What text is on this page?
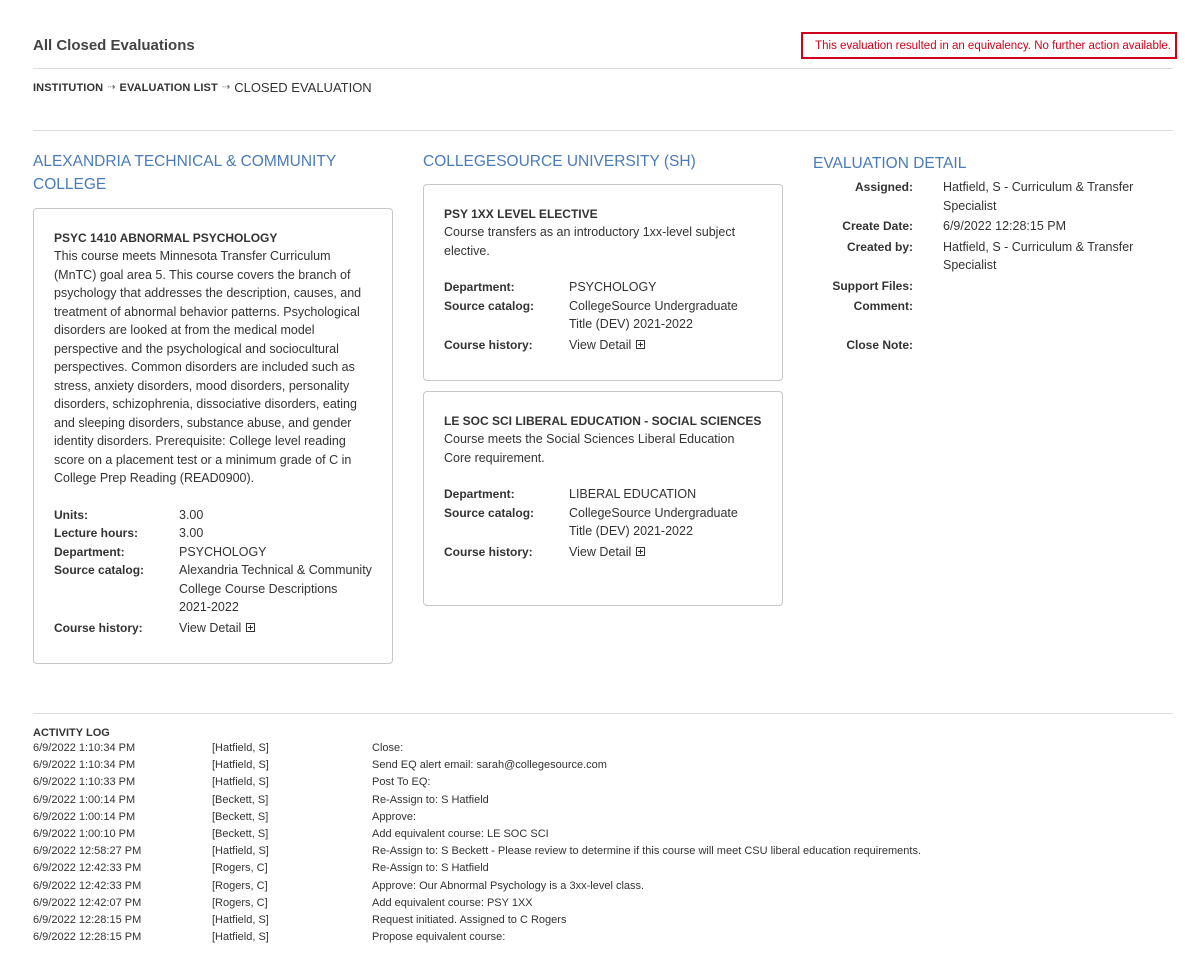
All Closed Evaluations	This evaluation resulted in an equivalency. No further action available.
INSTITUTION ⇢ EVALUATION LIST ⇢ CLOSED EVALUATION
ALEXANDRIA TECHNICAL & COMMUNITY COLLEGE
PSYC 1410 ABNORMAL PSYCHOLOGY
This course meets Minnesota Transfer Curriculum (MnTC) goal area 5. This course covers the branch of psychology that addresses the description, causes, and treatment of abnormal behavior patterns. Psychological disorders are looked at from the medical model perspective and the psychological and sociocultural perspectives. Common disorders are included such as stress, anxiety disorders, mood disorders, personality disorders, schizophrenia, dissociative disorders, eating and sleeping disorders, substance abuse, and gender identity disorders. Prerequisite: College level reading score on a placement test or a minimum grade of C in College Prep Reading (READ0900).
Units:	3.00
Lecture hours:	3.00
Department:	PSYCHOLOGY
Source catalog:	Alexandria Technical & Community College Course Descriptions 2021-2022
Course history:	View Detail
COLLEGESOURCE UNIVERSITY (SH)
PSY 1XX LEVEL ELECTIVE
Course transfers as an introductory 1xx-level subject elective.
Department:	PSYCHOLOGY
Source catalog:	CollegeSource Undergraduate Title (DEV) 2021-2022
Course history:	View Detail
LE SOC SCI LIBERAL EDUCATION - SOCIAL SCIENCES
Course meets the Social Sciences Liberal Education Core requirement.
Department:	LIBERAL EDUCATION
Source catalog:	CollegeSource Undergraduate Title (DEV) 2021-2022
Course history:	View Detail
EVALUATION DETAIL
Assigned: Hatfield, S - Curriculum & Transfer Specialist
Create Date: 6/9/2022 12:28:15 PM
Created by: Hatfield, S - Curriculum & Transfer Specialist
Support Files:
Comment:
Close Note:
ACTIVITY LOG
6/9/2022 1:10:34 PM	[Hatfield, S]	Close:
6/9/2022 1:10:34 PM	[Hatfield, S]	Send EQ alert email: sarah@collegesource.com
6/9/2022 1:10:33 PM	[Hatfield, S]	Post To EQ:
6/9/2022 1:00:14 PM	[Beckett, S]	Re-Assign to: S Hatfield
6/9/2022 1:00:14 PM	[Beckett, S]	Approve:
6/9/2022 1:00:10 PM	[Beckett, S]	Add equivalent course: LE SOC SCI
6/9/2022 12:58:27 PM	[Hatfield, S]	Re-Assign to: S Beckett - Please review to determine if this course will meet CSU liberal education requirements.
6/9/2022 12:42:33 PM	[Rogers, C]	Re-Assign to: S Hatfield
6/9/2022 12:42:33 PM	[Rogers, C]	Approve: Our Abnormal Psychology is a 3xx-level class.
6/9/2022 12:42:07 PM	[Rogers, C]	Add equivalent course: PSY 1XX
6/9/2022 12:28:15 PM	[Hatfield, S]	Request initiated. Assigned to C Rogers
6/9/2022 12:28:15 PM	[Hatfield, S]	Propose equivalent course:
